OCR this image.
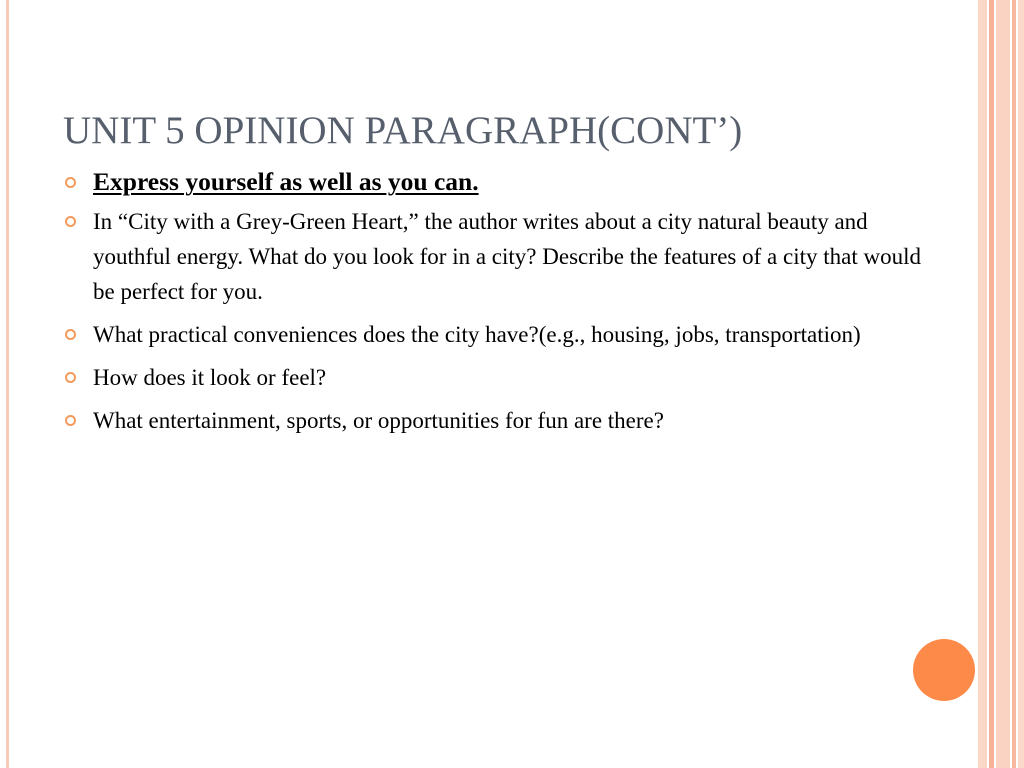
UNIT 5 OPINION PARAGRAPH(CONT’)
Express yourself as well as you can.
In “City with a Grey-Green Heart,” the author writes about a city natural beauty and youthful energy. What do you look for in a city? Describe the features of a city that would be perfect for you.
What practical conveniences does the city have?(e.g., housing, jobs, transportation)
How does it look or feel?
What entertainment, sports, or opportunities for fun are there?
